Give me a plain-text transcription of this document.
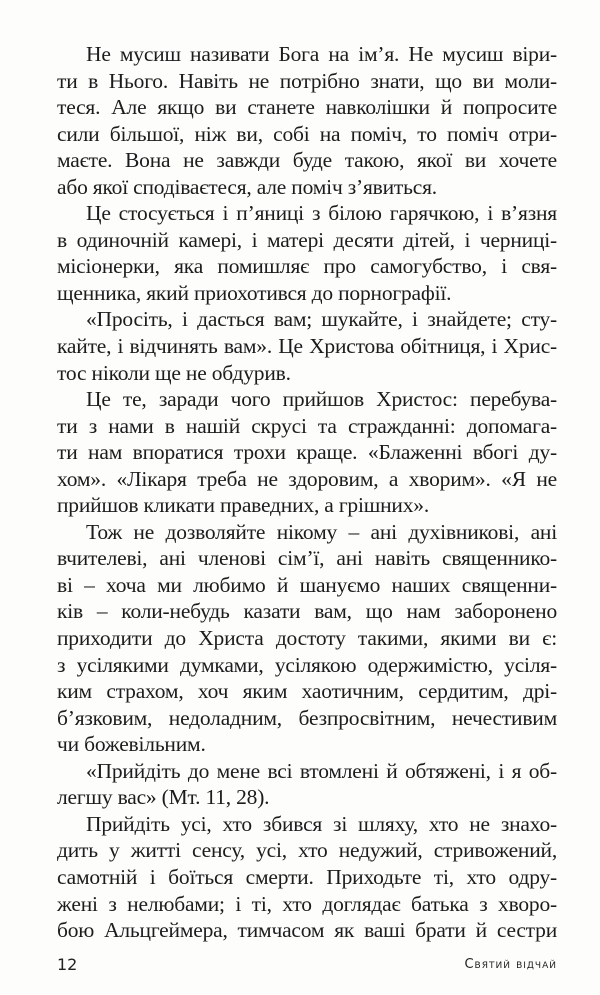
Не мусиш називати Бога на ім’я. Не мусиш віри-
ти в Нього. Навіть не потрібно знати, що ви моли-
теся. Але якщо ви станете навколішки й попросите
сили більшої, ніж ви, собі на поміч, то поміч отри-
маєте. Вона не завжди буде такою, якої ви хочете
або якої сподіваєтеся, але поміч з’явиться.
Це стосується і п’яниці з білою гарячкою, і в’язня
в одиночній камері, і матері десяти дітей, і черниці-
місіонерки, яка помишляє про самогубство, і свя-
щенника, який приохотився до порнографії.
«Просіть, і дасться вам; шукайте, і знайдете; сту-
кайте, і відчинять вам». Це Христова обітниця, і Хрис-
тос ніколи ще не обдурив.
Це те, заради чого прийшов Христос: перебува-
ти з нами в нашій скрусі та стражданні: допомага-
ти нам впоратися трохи краще. «Блаженні вбогі ду-
хом». «Лікаря треба не здоровим, а хворим». «Я не
прийшов кликати праведних, а грішних».
Тож не дозволяйте нікому – ані духівникові, ані
вчителеві, ані членові сім’ї, ані навіть священнико-
ві – хоча ми любимо й шануємо наших священни-
ків – коли-небудь казати вам, що нам заборонено
приходити до Христа достоту такими, якими ви є:
з усілякими думками, усілякою одержимістю, усіля-
ким страхом, хоч яким хаотичним, сердитим, дрі-
б’язковим, недоладним, безпросвітним, нечестивим
чи божевільним.
«Прийдіть до мене всі втомлені й обтяжені, і я об-
легшу вас» (Мт. 11, 28).
Прийдіть усі, хто збився зі шляху, хто не знахо-
дить у житті сенсу, усі, хто недужий, стривожений,
самотній і боїться смерти. Приходьте ті, хто одру-
жені з нелюбами; і ті, хто доглядає батька з хворо-
бою Альцгеймера, тимчасом як ваші брати й сестри
12	Святий відчай
